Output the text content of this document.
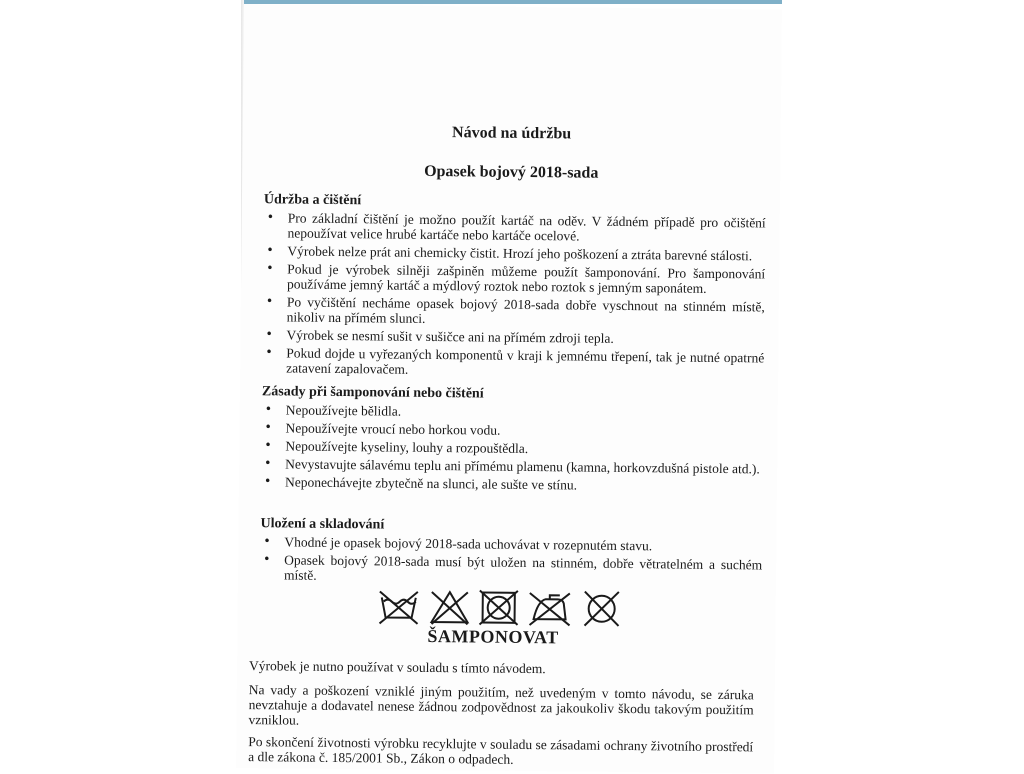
Návod na údržbu
Opasek bojový 2018-sada
Údržba a čištění
• Pro základní čištění je možno použít kartáč na oděv. V žádném případě pro očištění nepoužívat velice hrubé kartáče nebo kartáče ocelové.
• Výrobek nelze prát ani chemicky čistit. Hrozí jeho poškození a ztráta barevné stálosti.
• Pokud je výrobek silněji zašpiněn můžeme použít šamponování. Pro šamponování používáme jemný kartáč a mýdlový roztok nebo roztok s jemným saponátem.
• Po vyčištění necháme opasek bojový 2018-sada dobře vyschnout na stinném místě, nikoliv na přímém slunci.
• Výrobek se nesmí sušit v sušičce ani na přímém zdroji tepla.
• Pokud dojde u vyřezaných komponentů v kraji k jemnému třepení, tak je nutné opatrné zatavení zapalovačem.
Zásady při šamponování nebo čištění
• Nepoužívejte bělidla.
• Nepoužívejte vroucí nebo horkou vodu.
• Nepoužívejte kyseliny, louhy a rozpouštědla.
• Nevystavujte sálavému teplu ani přímému plamenu (kamna, horkovzdušná pistole atd.).
• Neponechávejte zbytečně na slunci, ale sušte ve stínu.
Uložení a skladování
• Vhodné je opasek bojový 2018-sada uchovávat v rozepnutém stavu.
• Opasek bojový 2018-sada musí být uložen na stinném, dobře větratelném a suchém místě.
ŠAMPONOVAT

Výrobek je nutno používat v souladu s tímto návodem.

Na vady a poškození vzniklé jiným použitím, než uvedeným v tomto návodu, se záruka nevztahuje a dodavatel nenese žádnou zodpovědnost za jakoukoliv škodu takovým použitím vzniklou.

Po skončení životnosti výrobku recyklujte v souladu se zásadami ochrany životního prostředí a dle zákona č. 185/2001 Sb., Zákon o odpadech.
